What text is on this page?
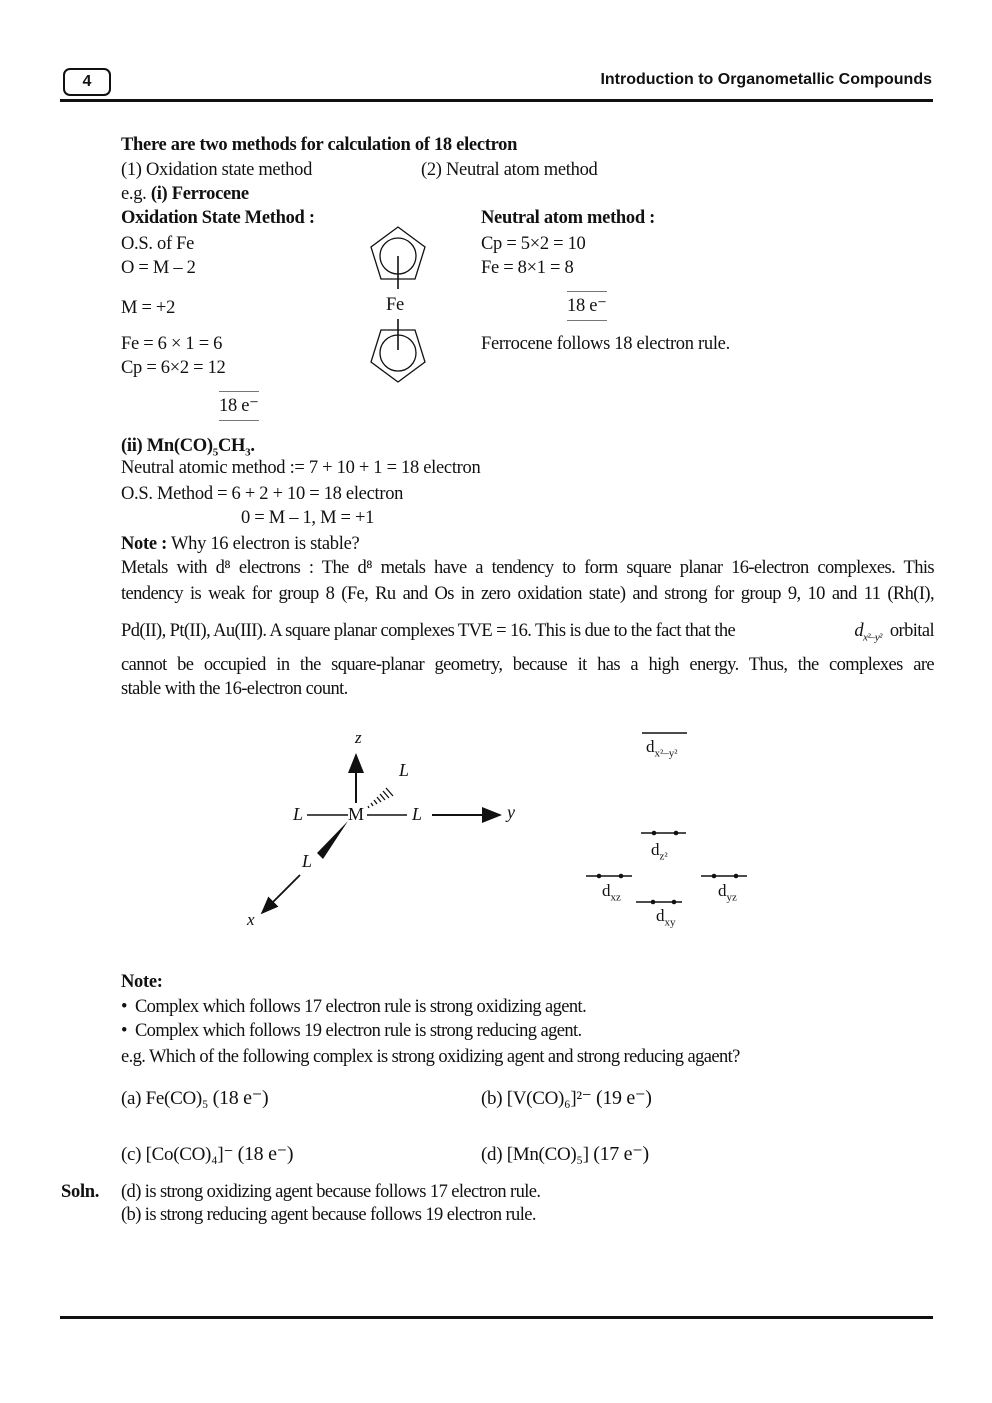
4	Introduction to Organometallic Compounds
There are two methods for calculation of 18 electron
(1) Oxidation state method	(2) Neutral atom method
e.g. (i) Ferrocene
Oxidation State Method :
O.S. of Fe
O = M – 2
M = +2
Fe = 6 × 1 = 6
Cp = 6×2 = 12
18 e⁻
Fe
Neutral atom method :
Cp = 5×2 = 10
Fe = 8×1 = 8
18 e⁻
Ferrocene follows 18 electron rule.
(ii) $Mn(CO)_5CH_3$.
Neutral atomic method := 7 + 10 + 1 = 18 electron
O.S. Method = 6 + 2 + 10 = 18 electron
0 = M – 1, M = +1
Note : Why 16 electron is stable?
Metals with d⁸ electrons : The d⁸ metals have a tendency to form square planar 16-electron complexes. This
tendency is weak for group 8 (Fe, Ru and Os in zero oxidation state) and strong for group 9, 10 and 11 (Rh(I),
Pd(II), Pt(II), Au(III). A square planar complexes TVE = 16. This is due to the fact that the	$d_{x^2-y^2}$ orbital
cannot be occupied in the square-planar geometry, because it has a high energy. Thus, the complexes are
stable with the 16-electron count.
z
L
L M	L	y
L
x
$d_{x^2-y^2}$
$d_{z^2}$
$d_{xz}$	$d_{yz}$
$d_{xy}$
Note:
•  Complex which follows 17 electron rule is strong oxidizing agent.
•  Complex which follows 19 electron rule is strong reducing agent.
e.g. Which of the following complex is strong oxidizing agent and strong reducing agaent?
(a) Fe(CO)₅ (18 e⁻)	(b) [V(CO)₆]²⁻ (19 e⁻)
(c) [Co(CO)₄]⁻ (18 e⁻)	(d) [Mn(CO)₅] (17 e⁻)
Soln. (d) is strong oxidizing agent because follows 17 electron rule.
(b) is strong reducing agent because follows 19 electron rule.
